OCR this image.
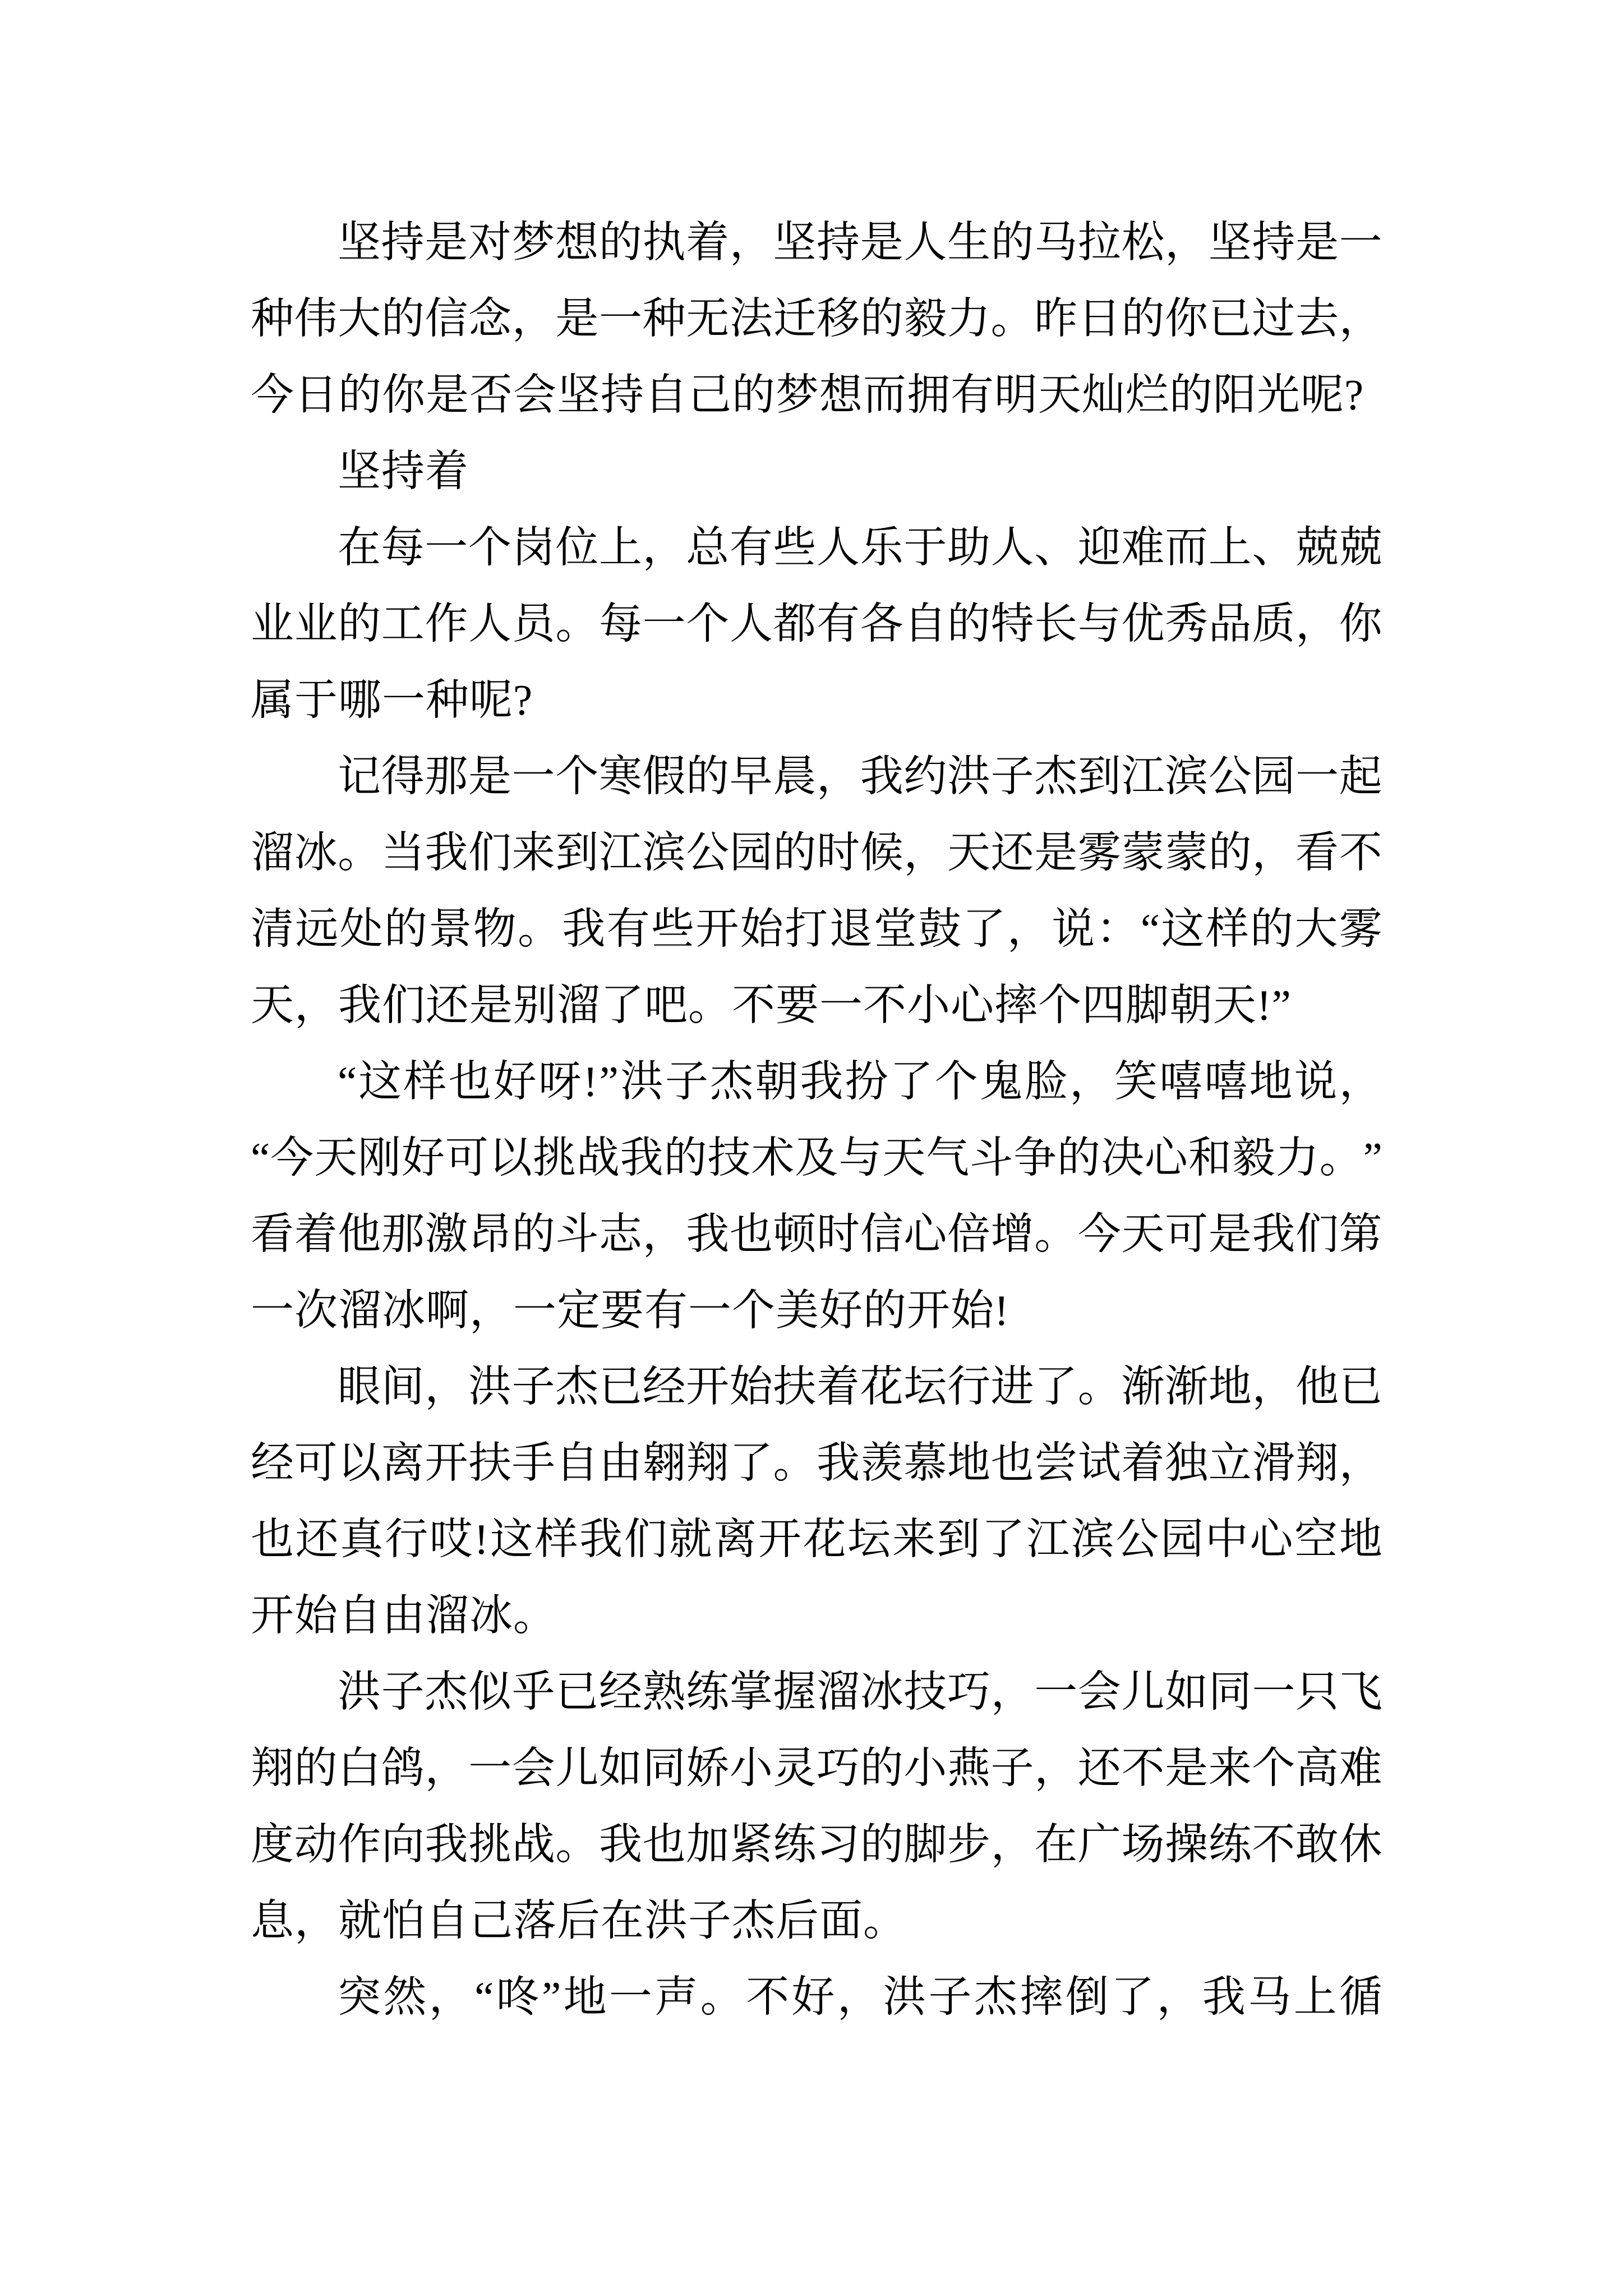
坚 持 是 对 梦 想 的 执 着 ， 坚 持 是 人 生 的 马 拉 松 ， 坚 持 是 一
种 伟 大 的 信 念 ， 是 一 种 无 法 迁 移 的 毅 力 。 昨 日 的 你 已 过 去 ，
今日的你是否会坚持自己的梦想而拥有明天灿烂的阳光呢?
坚持着
在 每 一 个 岗 位 上 ， 总 有 些 人 乐 于 助 人 、 迎 难 而 上 、 兢 兢
业 业 的 工 作 人 员 。 每 一 个 人 都 有 各 自 的 特 长 与 优 秀 品 质 ， 你
属于哪一种呢?
记 得 那 是 一 个 寒 假 的 早 晨 ， 我 约 洪 子 杰 到 江 滨 公 园 一 起
溜 冰 。 当 我 们 来 到 江 滨 公 园 的 时 候 ， 天 还 是 雾 蒙 蒙 的 ， 看 不
清 远 处 的 景 物 。 我 有 些 开 始 打 退 堂 鼓 了 ， 说 ： “ 这 样 的 大 雾
天，我们还是别溜了吧。不要一不小心摔个四脚朝天!”
“ 这 样 也 好 呀 ! ” 洪 子 杰 朝 我 扮 了 个 鬼 脸 ， 笑 嘻 嘻 地 说 ，
“ 今 天 刚 好 可 以 挑 战 我 的 技 术 及 与 天 气 斗 争 的 决 心 和 毅 力 。 ”
看 着 他 那 激 昂 的 斗 志 ， 我 也 顿 时 信 心 倍 增 。 今 天 可 是 我 们 第
一次溜冰啊，一定要有一个美好的开始!
眼 间 ， 洪 子 杰 已 经 开 始 扶 着 花 坛 行 进 了 。 渐 渐 地 ， 他 已
经 可 以 离 开 扶 手 自 由 翱 翔 了 。 我 羡 慕 地 也 尝 试 着 独 立 滑 翔 ，
也 还 真 行 哎 ! 这 样 我 们 就 离 开 花 坛 来 到 了 江 滨 公 园 中 心 空 地
开始自由溜冰。
洪 子 杰 似 乎 已 经 熟 练 掌 握 溜 冰 技 巧 ， 一 会 儿 如 同 一 只 飞
翔 的 白 鸽 ， 一 会 儿 如 同 娇 小 灵 巧 的 小 燕 子 ， 还 不 是 来 个 高 难
度 动 作 向 我 挑 战 。 我 也 加 紧 练 习 的 脚 步 ， 在 广 场 操 练 不 敢 休
息，就怕自己落后在洪子杰后面。
突 然 ， “ 咚 ” 地 一 声 。 不 好 ， 洪 子 杰 摔 倒 了 ， 我 马 上 循
